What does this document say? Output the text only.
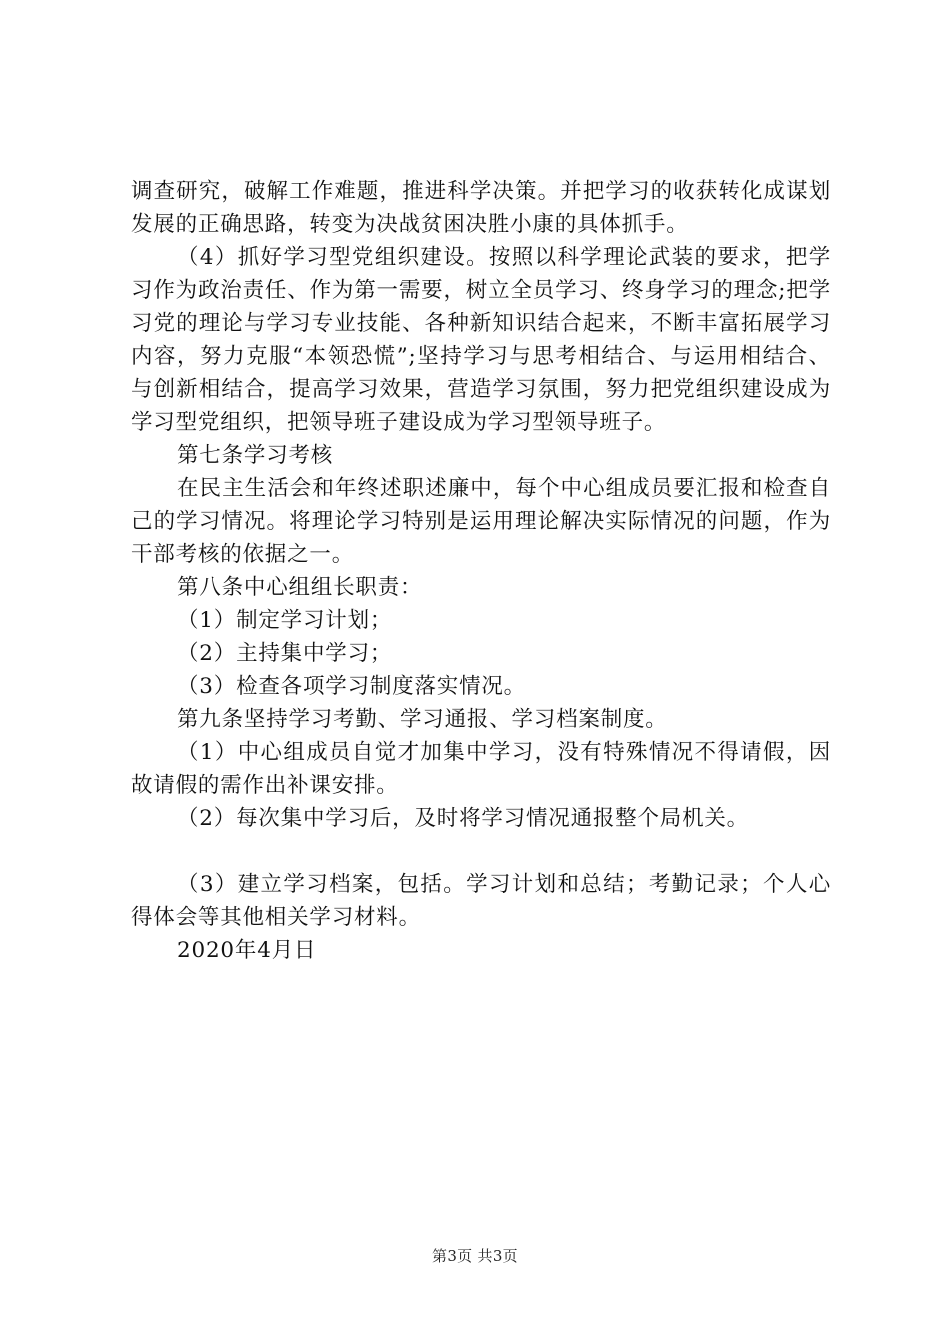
调查研究，破解工作难题，推进科学决策。并把学习的收获转化成谋划发展的正确思路，转变为决战贫困决胜小康的具体抓手。

（4）抓好学习型党组织建设。按照以科学理论武装的要求，把学习作为政治责任、作为第一需要，树立全员学习、终身学习的理念;把学习党的理论与学习专业技能、各种新知识结合起来，不断丰富拓展学习内容，努力克服“本领恐慌”;坚持学习与思考相结合、与运用相结合、与创新相结合，提高学习效果，营造学习氛围，努力把党组织建设成为学习型党组织，把领导班子建设成为学习型领导班子。

第七条学习考核

在民主生活会和年终述职述廉中，每个中心组成员要汇报和检查自己的学习情况。将理论学习特别是运用理论解决实际情况的问题，作为干部考核的依据之一。

第八条中心组组长职责：

（1）制定学习计划；

（2）主持集中学习；

（3）检查各项学习制度落实情况。

第九条坚持学习考勤、学习通报、学习档案制度。

（1）中心组成员自觉才加集中学习，没有特殊情况不得请假，因故请假的需作出补课安排。

（2）每次集中学习后，及时将学习情况通报整个局机关。

（3）建立学习档案，包括。学习计划和总结；考勤记录；个人心得体会等其他相关学习材料。

2020年4月日

第3页 共3页
